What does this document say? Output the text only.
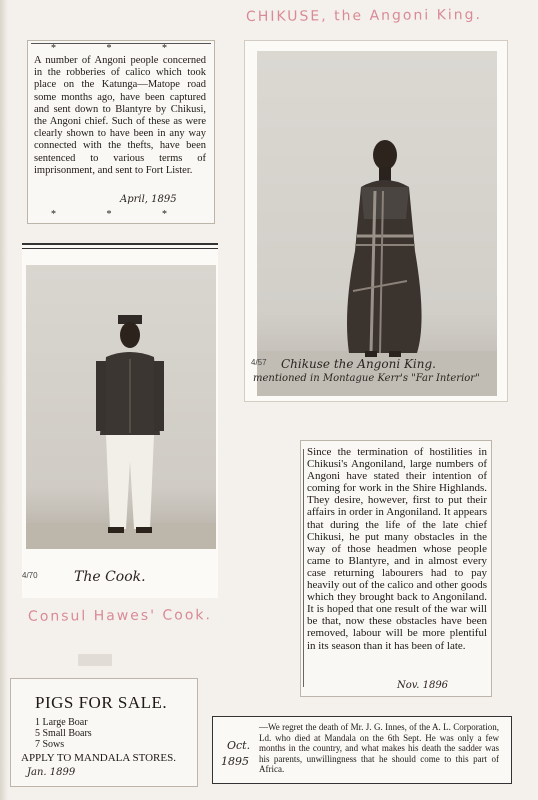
CHIKUSE, the Angoni King.
* * *
A number of Angoni people concerned in the robberies of calico which took place on the Katunga—Matope road some months ago, have been captured and sent down to Blantyre by Chikusi, the Angoni chief. Such of these as were clearly shown to have been in any way connected with the thefts, have been sentenced to various terms of imprisonment, and sent to Fort Lister.
April, 1895
* * *
4/57 Chikuse the Angoni King.
mentioned in Montague Kerr's "Far Interior"
4/70	The Cook.
Consul Hawes' Cook.
Since the termination of hostilities in Chikusi's Angoniland, large numbers of Angoni have stated their intention of coming for work in the Shire Highlands. They desire, however, first to put their affairs in order in Angoniland. It appears that during the life of the late chief Chikusi, he put many obstacles in the way of those headmen whose people came to Blantyre, and in almost every case returning labourers had to pay heavily out of the calico and other goods which they brought back to Angoniland. It is hoped that one result of the war will be that, now these obstacles have been removed, labour will be more plentiful in its season than it has been of late.
Nov. 1896
PIGS FOR SALE.
1 Large Boar
5 Small Boars
7 Sows
APPLY TO MANDALA STORES.
Jan. 1899
Oct.
1895
—We regret the death of Mr. J. G. Innes, of the A. L. Corporation, Ld. who died at Mandala on the 6th Sept. He was only a few months in the country, and what makes his death the sadder was his parents, unwillingness that he should come to this part of Africa.
